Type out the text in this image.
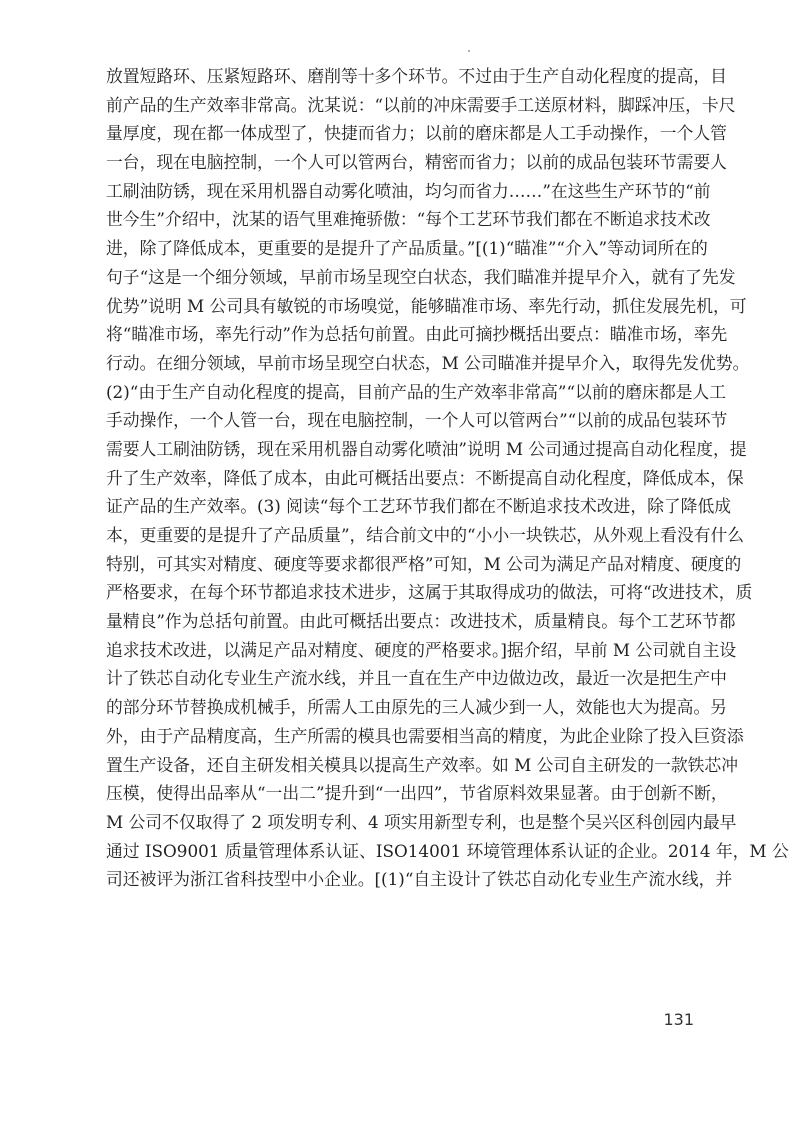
放置短路环、压紧短路环、磨削等十多个环节。不过由于生产自动化程度的提高，目
前产品的生产效率非常高。沈某说：“以前的冲床需要手工送原材料，脚踩冲压，卡尺
量厚度，现在都一体成型了，快捷而省力；以前的磨床都是人工手动操作，一个人管
一台，现在电脑控制，一个人可以管两台，精密而省力；以前的成品包装环节需要人
工刷油防锈，现在采用机器自动雾化喷油，均匀而省力……”在这些生产环节的“前
世今生”介绍中，沈某的语气里难掩骄傲：“每个工艺环节我们都在不断追求技术改
进，除了降低成本，更重要的是提升了产品质量。”[(1)“瞄准”“介入”等动词所在的
句子“这是一个细分领域，早前市场呈现空白状态，我们瞄准并提早介入，就有了先发
优势”说明 M 公司具有敏锐的市场嗅觉，能够瞄准市场、率先行动，抓住发展先机，可
将“瞄准市场，率先行动”作为总括句前置。由此可摘抄概括出要点：瞄准市场，率先
行动。在细分领域，早前市场呈现空白状态，M 公司瞄准并提早介入，取得先发优势。
(2)“由于生产自动化程度的提高，目前产品的生产效率非常高”“以前的磨床都是人工
手动操作，一个人管一台，现在电脑控制，一个人可以管两台”“以前的成品包装环节
需要人工刷油防锈，现在采用机器自动雾化喷油”说明 M 公司通过提高自动化程度，提
升了生产效率，降低了成本，由此可概括出要点：不断提高自动化程度，降低成本，保
证产品的生产效率。(3) 阅读“每个工艺环节我们都在不断追求技术改进，除了降低成
本，更重要的是提升了产品质量”，结合前文中的“小小一块铁芯，从外观上看没有什么
特别，可其实对精度、硬度等要求都很严格”可知，M 公司为满足产品对精度、硬度的
严格要求，在每个环节都追求技术进步，这属于其取得成功的做法，可将“改进技术，质
量精良”作为总括句前置。由此可概括出要点：改进技术，质量精良。每个工艺环节都
追求技术改进，以满足产品对精度、硬度的严格要求。]据介绍，早前 M 公司就自主设
计了铁芯自动化专业生产流水线，并且一直在生产中边做边改，最近一次是把生产中
的部分环节替换成机械手，所需人工由原先的三人减少到一人，效能也大为提高。另
外，由于产品精度高，生产所需的模具也需要相当高的精度，为此企业除了投入巨资添
置生产设备，还自主研发相关模具以提高生产效率。如 M 公司自主研发的一款铁芯冲
压模，使得出品率从“一出二”提升到“一出四”，节省原料效果显著。由于创新不断，
M 公司不仅取得了 2 项发明专利、4 项实用新型专利，也是整个吴兴区科创园内最早
通过 ISO9001 质量管理体系认证、ISO14001 环境管理体系认证的企业。2014 年，M 公
司还被评为浙江省科技型中小企业。[(1)“自主设计了铁芯自动化专业生产流水线，并
131
